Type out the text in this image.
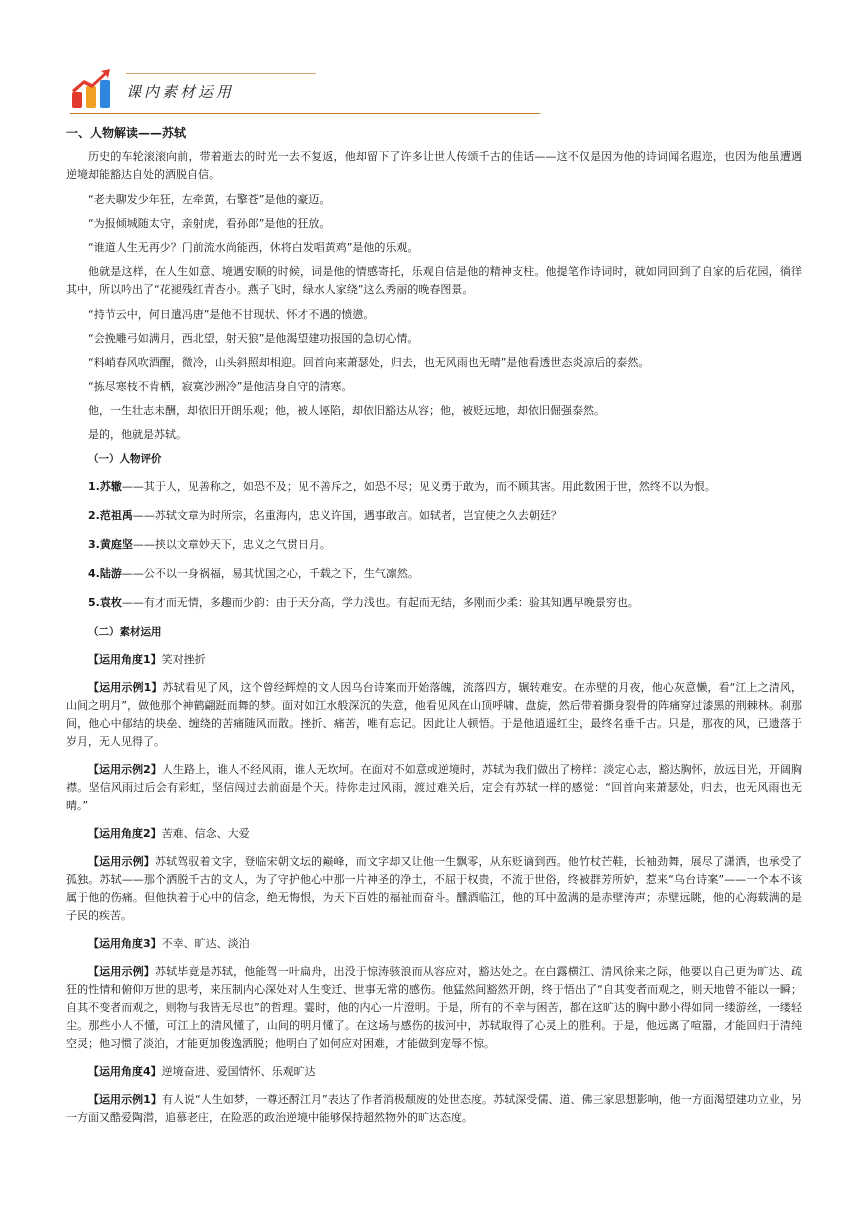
课内素材运用
一、人物解读——苏轼

历史的车轮滚滚向前，带着逝去的时光一去不复返，他却留下了许多让世人传颂千古的佳话——这不仅是因为他的诗词闻名遐迩，也因为他虽遭遇逆境却能豁达自处的洒脱自信。

“老夫聊发少年狂，左牵黄，右擎苍”是他的豪迈。

“为报倾城随太守，亲射虎，看孙郎”是他的狂放。

“谁道人生无再少？门前流水尚能西，休将白发唱黄鸡”是他的乐观。

他就是这样，在人生如意、境遇安顺的时候，词是他的情感寄托，乐观自信是他的精神支柱。他提笔作诗词时，就如同回到了自家的后花园，徜徉其中，所以吟出了“花褪残红青杏小。燕子飞时，绿水人家绕”这么秀丽的晚春图景。

“持节云中，何日遣冯唐”是他不甘现状、怀才不遇的愤懑。

“会挽雕弓如满月，西北望，射天狼”是他渴望建功报国的急切心情。

“料峭春风吹酒醒，微冷，山头斜照却相迎。回首向来萧瑟处，归去，也无风雨也无晴”是他看透世态炎凉后的泰然。

“拣尽寒枝不肯栖，寂寞沙洲冷”是他洁身自守的清寒。

他，一生壮志未酬，却依旧开朗乐观；他，被人诬陷，却依旧豁达从容；他，被贬远地，却依旧倔强泰然。

是的，他就是苏轼。

（一）人物评价
1.苏辙——其于人，见善称之，如恐不及；见不善斥之，如恐不尽；见义勇于敢为，而不顾其害。用此数困于世，然终不以为恨。
2.范祖禹——苏轼文章为时所宗，名重海内，忠义许国，遇事敢言。如轼者，岂宜使之久去朝廷？
3.黄庭坚——挟以文章妙天下，忠义之气贯日月。
4.陆游——公不以一身祸福，易其忧国之心，千载之下，生气凛然。
5.袁枚——有才而无情，多趣而少韵：由于天分高，学力浅也。有起而无结，多刚而少柔：验其知遇早晚景穷也。
（二）素材运用
【运用角度1】笑对挫折

【运用示例1】苏轼看见了风，这个曾经辉煌的文人因乌台诗案而开始落魄，流落四方，辗转难安。在赤壁的月夜，他心灰意懒，看“江上之清风，山间之明月”，做他那个神鹤翩跹而舞的梦。面对如江水般深沉的失意，他看见风在山顶呼啸、盘旋，然后带着撕身裂骨的阵痛穿过漆黑的荆棘林。刹那间，他心中郁结的块垒、缠绕的苦痛随风而散。挫折、痛苦，唯有忘记。因此让人顿悟。于是他逍遥红尘，最终名垂千古。只是，那夜的风，已遗落于岁月，无人见得了。

【运用示例2】人生路上，谁人不经风雨，谁人无坎坷。在面对不如意或逆境时，苏轼为我们做出了榜样：淡定心志，豁达胸怀，放远目光，开阔胸襟。坚信风雨过后会有彩虹，坚信闯过去前面是个天。待你走过风雨，渡过难关后，定会有苏轼一样的感觉：“回首向来萧瑟处，归去，也无风雨也无晴。”

【运用角度2】苦难、信念、大爱

【运用示例】苏轼驾驭着文字，登临宋朝文坛的巅峰，而文字却又让他一生飘零，从东贬谪到西。他竹杖芒鞋，长袖劲舞，展尽了潇洒，也承受了孤独。苏轼——那个洒脱千古的文人，为了守护他心中那一片神圣的净土，不屈于权贵，不流于世俗，终被群芳所妒，惹来“乌台诗案”——一个本不该属于他的伤痛。但他执着于心中的信念，绝无悔恨，为天下百姓的福祉而奋斗。醺酒临江，他的耳中盈满的是赤壁涛声；赤壁远眺，他的心海载满的是子民的疾苦。

【运用角度3】不幸、旷达、淡泊

【运用示例】苏轼毕竟是苏轼，他能驾一叶扁舟，出没于惊涛骇浪而从容应对，豁达处之。在白露横江、清风徐来之际，他要以自己更为旷达、疏狂的性情和俯仰万世的思考，来压制内心深处对人生变迁、世事无常的感伤。他猛然间豁然开朗，终于悟出了“自其变者而观之，则天地曾不能以一瞬；自其不变者而观之，则物与我皆无尽也”的哲理。霎时，他的内心一片澄明。于是，所有的不幸与困苦，都在这旷达的胸中渺小得如同一缕游丝，一缕轻尘。那些小人不懂，可江上的清风懂了，山间的明月懂了。在这场与感伤的拔河中，苏轼取得了心灵上的胜利。于是，他远离了喧嚣，才能回归于清纯空灵；他习惯了淡泊，才能更加俊逸洒脱；他明白了如何应对困难，才能做到宠辱不惊。

【运用角度4】逆境奋进、爱国情怀、乐观旷达

【运用示例1】有人说“人生如梦，一尊还酹江月”表达了作者消极颓废的处世态度。苏轼深受儒、道、佛三家思想影响，他一方面渴望建功立业，另一方面又酷爱陶潜，追慕老庄，在险恶的政治逆境中能够保持超然物外的旷达态度。
